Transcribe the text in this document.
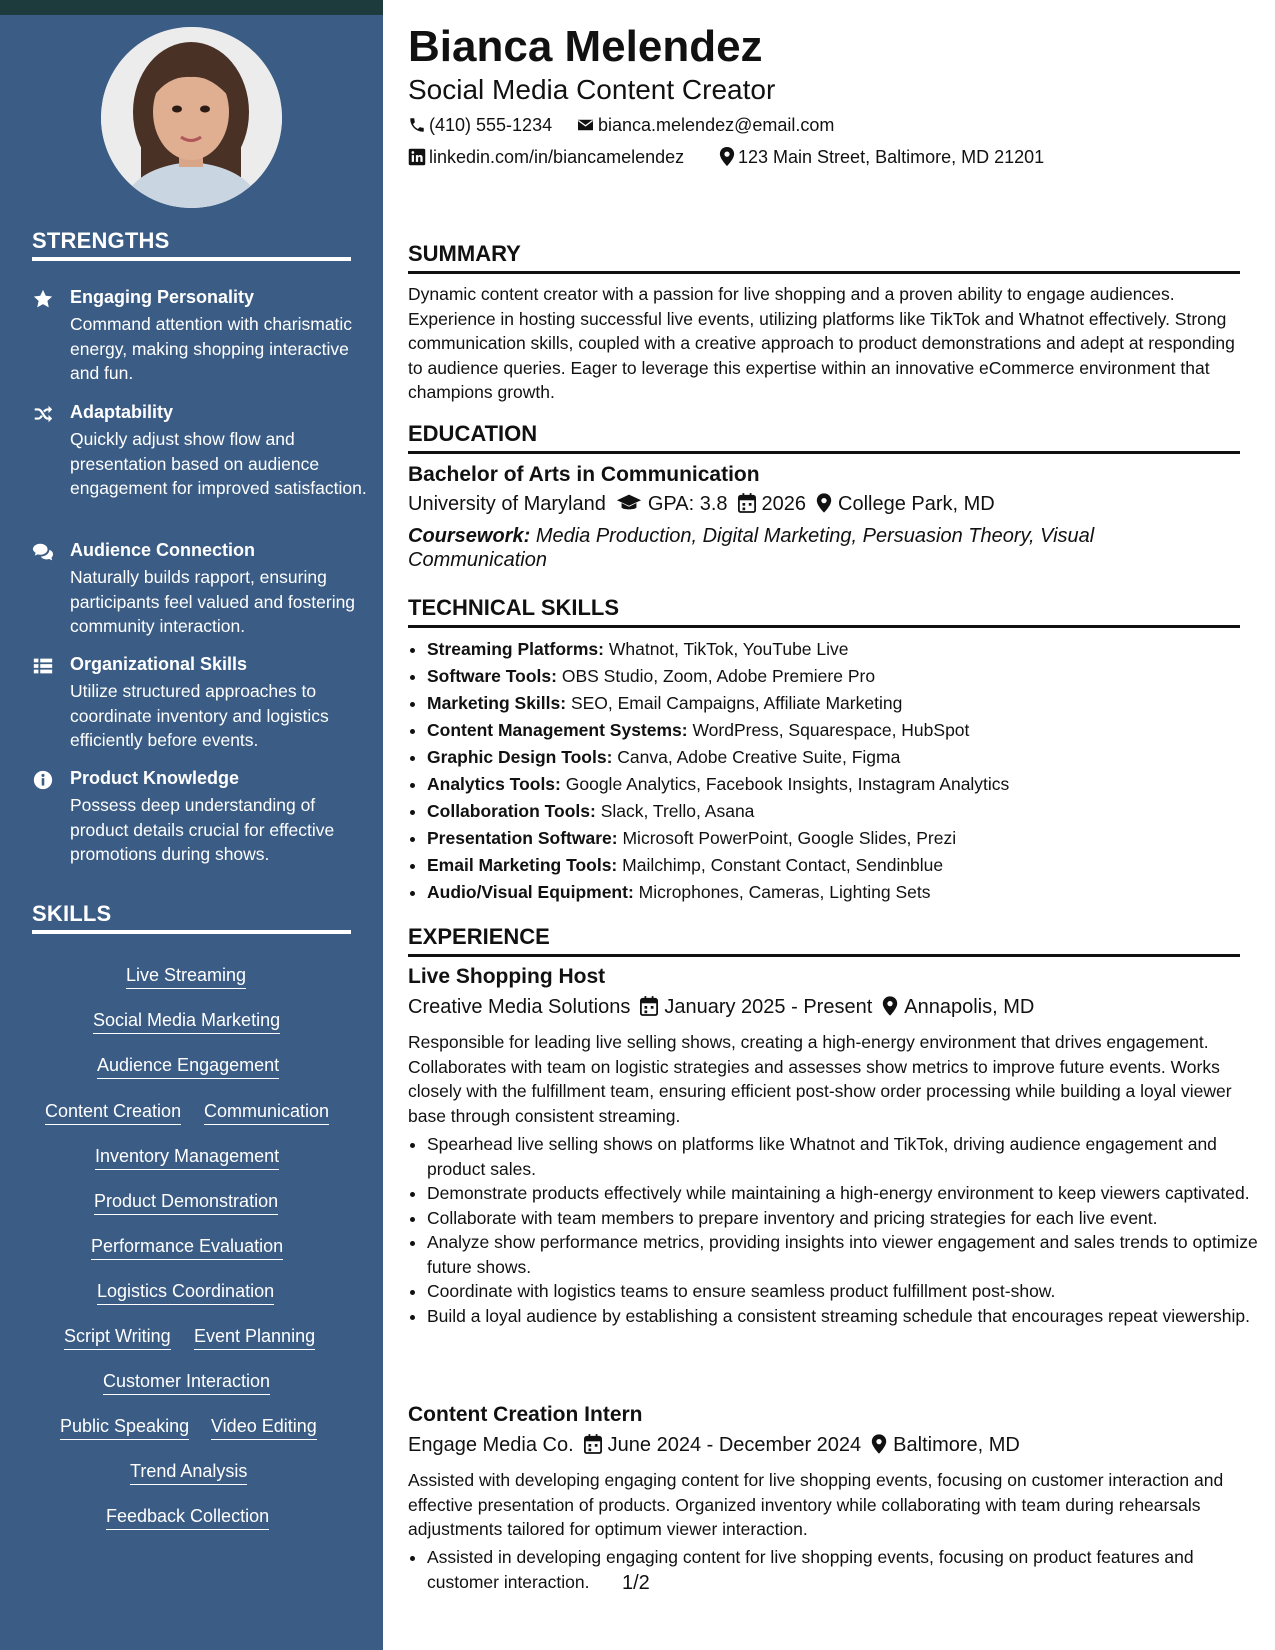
STRENGTHS
Engaging Personality
Command attention with charismatic energy, making shopping interactive and fun.
Adaptability
Quickly adjust show flow and presentation based on audience engagement for improved satisfaction.
Audience Connection
Naturally builds rapport, ensuring participants feel valued and fostering community interaction.
Organizational Skills
Utilize structured approaches to coordinate inventory and logistics efficiently before events.
Product Knowledge
Possess deep understanding of product details crucial for effective promotions during shows.
SKILLS
Live Streaming
Social Media Marketing
Audience Engagement
Content Creation Communication
Inventory Management
Product Demonstration
Performance Evaluation
Logistics Coordination
Script Writing Event Planning
Customer Interaction
Public Speaking Video Editing
Trend Analysis
Feedback Collection
Bianca Melendez
Social Media Content Creator
(410) 555-1234	bianca.melendez@email.com
linkedin.com/in/biancamelendez	123 Main Street, Baltimore, MD 21201
SUMMARY
Dynamic content creator with a passion for live shopping and a proven ability to engage audiences. Experience in hosting successful live events, utilizing platforms like TikTok and Whatnot effectively. Strong communication skills, coupled with a creative approach to product demonstrations and adept at responding to audience queries. Eager to leverage this expertise within an innovative eCommerce environment that champions growth.
EDUCATION
Bachelor of Arts in Communication
University of Maryland GPA: 3.8 2026 College Park, MD
Coursework: Media Production, Digital Marketing, Persuasion Theory, Visual Communication
TECHNICAL SKILLS
• Streaming Platforms: Whatnot, TikTok, YouTube Live
• Software Tools: OBS Studio, Zoom, Adobe Premiere Pro
• Marketing Skills: SEO, Email Campaigns, Affiliate Marketing
• Content Management Systems: WordPress, Squarespace, HubSpot
• Graphic Design Tools: Canva, Adobe Creative Suite, Figma
• Analytics Tools: Google Analytics, Facebook Insights, Instagram Analytics
• Collaboration Tools: Slack, Trello, Asana
• Presentation Software: Microsoft PowerPoint, Google Slides, Prezi
• Email Marketing Tools: Mailchimp, Constant Contact, Sendinblue
• Audio/Visual Equipment: Microphones, Cameras, Lighting Sets
EXPERIENCE
Live Shopping Host
Creative Media Solutions January 2025 - Present Annapolis, MD
Responsible for leading live selling shows, creating a high-energy environment that drives engagement. Collaborates with team on logistic strategies and assesses show metrics to improve future events. Works closely with the fulfillment team, ensuring efficient post-show order processing while building a loyal viewer base through consistent streaming.
• Spearhead live selling shows on platforms like Whatnot and TikTok, driving audience engagement and product sales.
• Demonstrate products effectively while maintaining a high-energy environment to keep viewers captivated.
• Collaborate with team members to prepare inventory and pricing strategies for each live event.
• Analyze show performance metrics, providing insights into viewer engagement and sales trends to optimize future shows.
• Coordinate with logistics teams to ensure seamless product fulfillment post-show.
• Build a loyal audience by establishing a consistent streaming schedule that encourages repeat viewership.
Content Creation Intern
Engage Media Co. June 2024 - December 2024 Baltimore, MD
Assisted with developing engaging content for live shopping events, focusing on customer interaction and effective presentation of products. Organized inventory while collaborating with team during rehearsals adjustments tailored for optimum viewer interaction.
• Assisted in developing engaging content for live shopping events, focusing on product features and customer interaction.	1/2
